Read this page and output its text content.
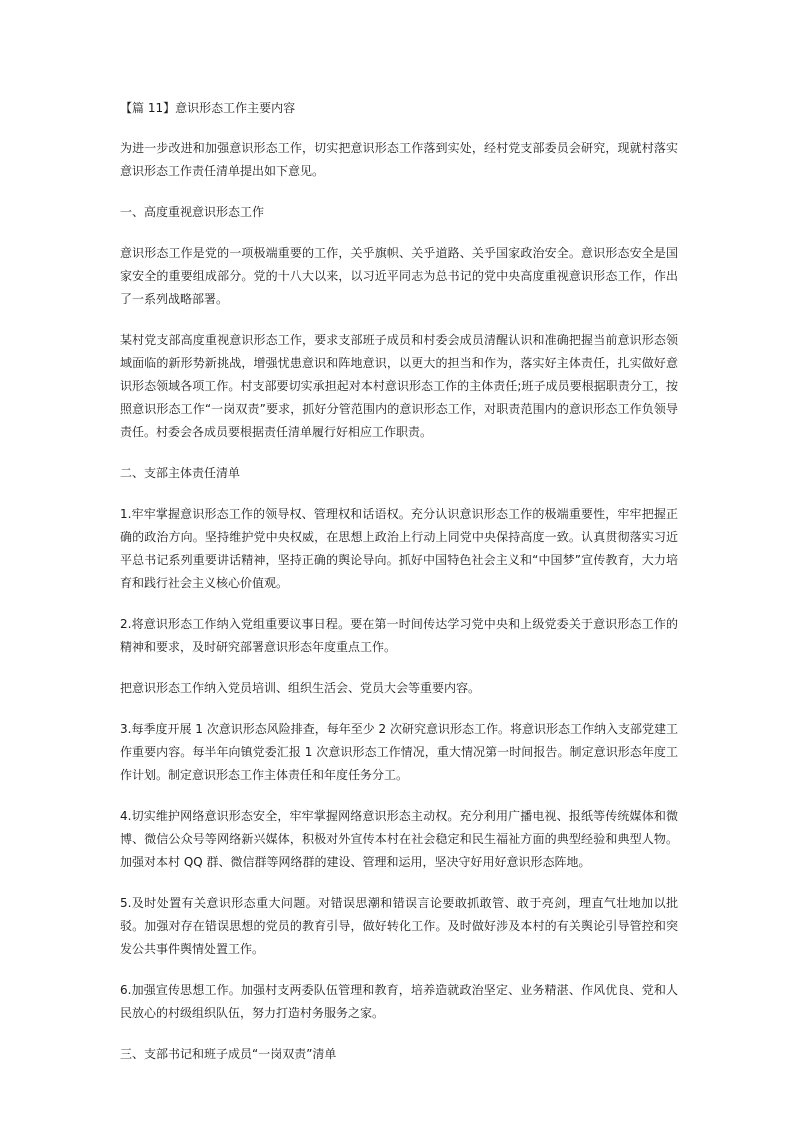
【篇 11】意识形态工作主要内容

为进一步改进和加强意识形态工作，切实把意识形态工作落到实处，经村党支部委员会研究，现就村落实意识形态工作责任清单提出如下意见。

一、高度重视意识形态工作

意识形态工作是党的一项极端重要的工作，关乎旗帜、关乎道路、关乎国家政治安全。意识形态安全是国家安全的重要组成部分。党的十八大以来，以习近平同志为总书记的党中央高度重视意识形态工作，作出了一系列战略部署。

某村党支部高度重视意识形态工作，要求支部班子成员和村委会成员清醒认识和准确把握当前意识形态领域面临的新形势新挑战，增强忧患意识和阵地意识，以更大的担当和作为，落实好主体责任，扎实做好意识形态领域各项工作。村支部要切实承担起对本村意识形态工作的主体责任;班子成员要根据职责分工，按照意识形态工作“一岗双责”要求，抓好分管范围内的意识形态工作，对职责范围内的意识形态工作负领导责任。村委会各成员要根据责任清单履行好相应工作职责。

二、支部主体责任清单

1.牢牢掌握意识形态工作的领导权、管理权和话语权。充分认识意识形态工作的极端重要性，牢牢把握正确的政治方向。坚持维护党中央权威，在思想上政治上行动上同党中央保持高度一致。认真贯彻落实习近平总书记系列重要讲话精神，坚持正确的舆论导向。抓好中国特色社会主义和“中国梦”宣传教育，大力培育和践行社会主义核心价值观。

2.将意识形态工作纳入党组重要议事日程。要在第一时间传达学习党中央和上级党委关于意识形态工作的精神和要求，及时研究部署意识形态年度重点工作。

把意识形态工作纳入党员培训、组织生活会、党员大会等重要内容。

3.每季度开展 1 次意识形态风险排查，每年至少 2 次研究意识形态工作。将意识形态工作纳入支部党建工作重要内容。每半年向镇党委汇报 1 次意识形态工作情况，重大情况第一时间报告。制定意识形态年度工作计划。制定意识形态工作主体责任和年度任务分工。

4.切实维护网络意识形态安全，牢牢掌握网络意识形态主动权。充分利用广播电视、报纸等传统媒体和微博、微信公众号等网络新兴媒体，积极对外宣传本村在社会稳定和民生福祉方面的典型经验和典型人物。加强对本村 QQ 群、微信群等网络群的建设、管理和运用，坚决守好用好意识形态阵地。

5.及时处置有关意识形态重大问题。对错误思潮和错误言论要敢抓敢管、敢于亮剑，理直气壮地加以批驳。加强对存在错误思想的党员的教育引导，做好转化工作。及时做好涉及本村的有关舆论引导管控和突发公共事件舆情处置工作。

6.加强宣传思想工作。加强村支两委队伍管理和教育，培养造就政治坚定、业务精湛、作风优良、党和人民放心的村级组织队伍，努力打造村务服务之家。

三、支部书记和班子成员“一岗双责”清单
